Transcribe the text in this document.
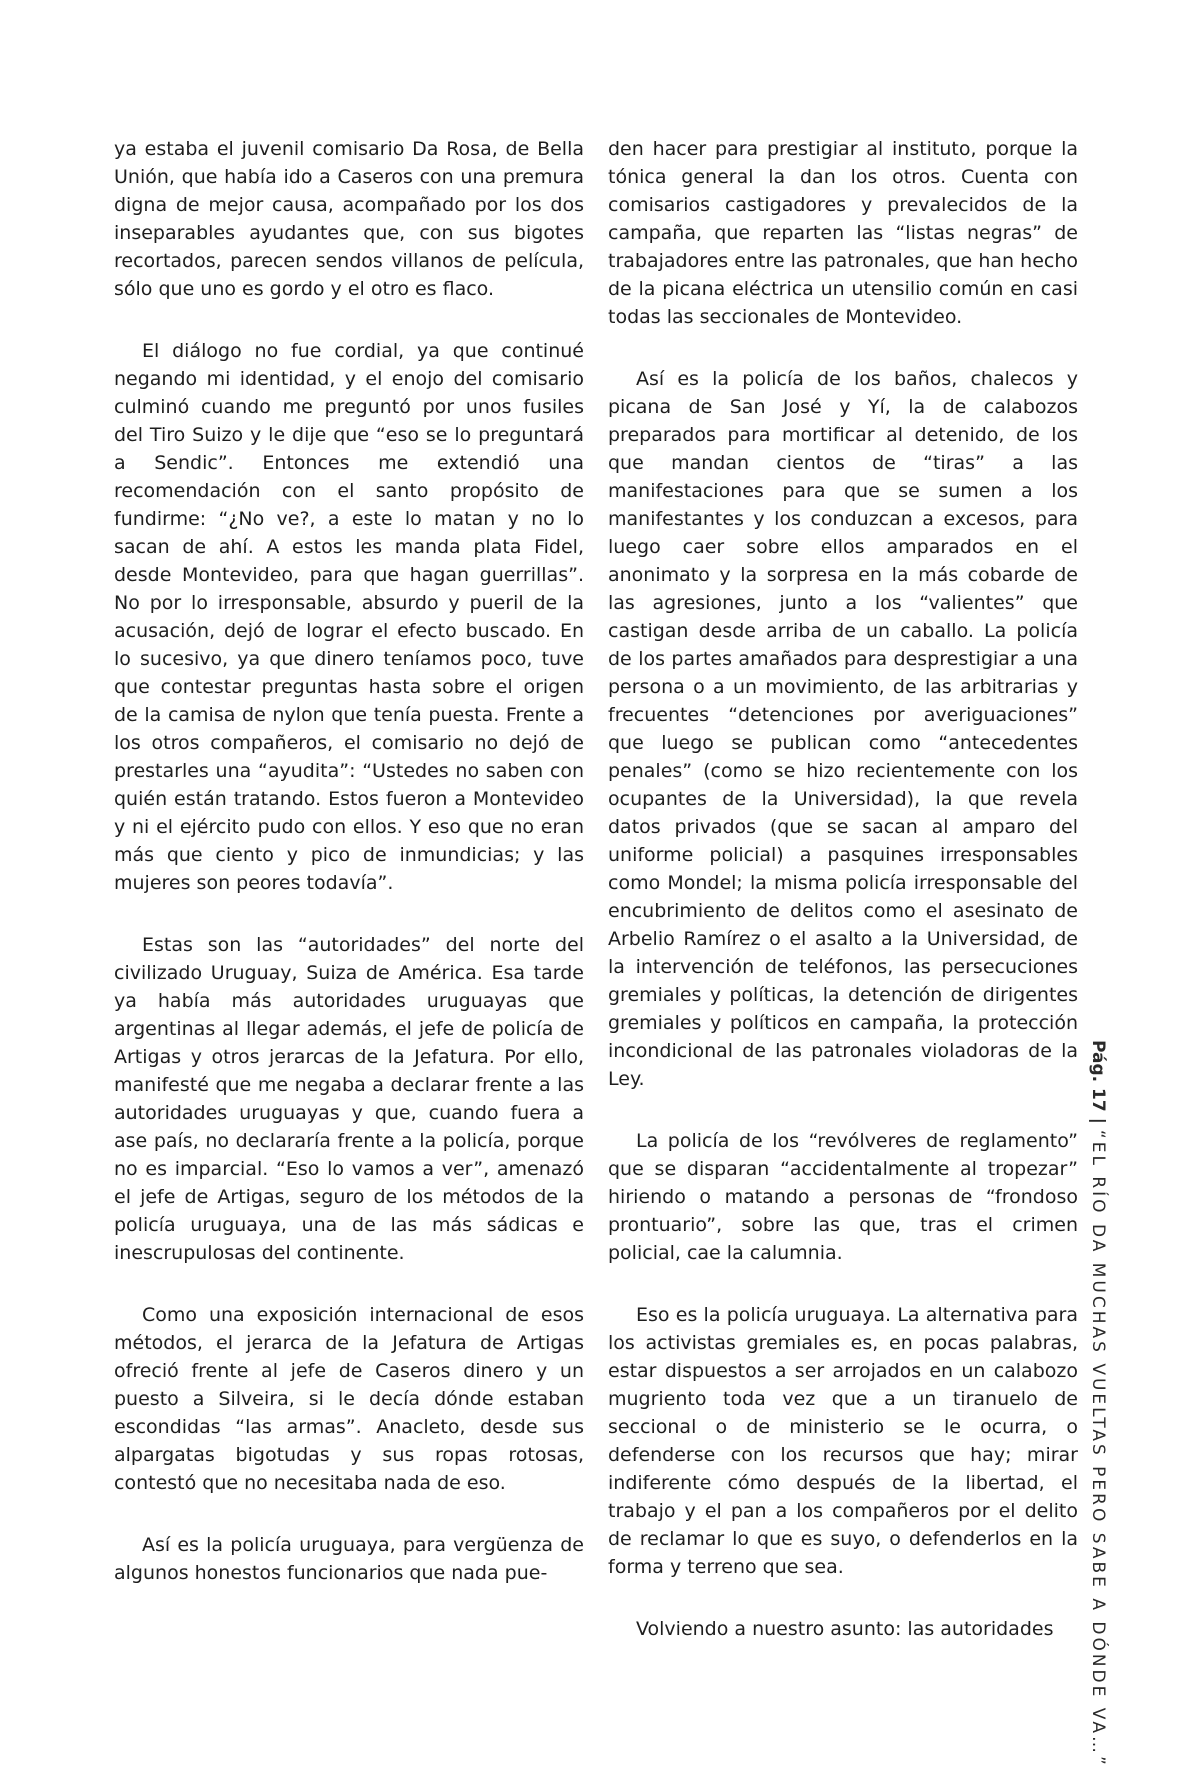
ya estaba el juvenil comisario Da Rosa, de Bella Unión, que había ido a Caseros con una premura digna de mejor causa, acompañado por los dos inseparables ayudantes que, con sus bigotes recortados, parecen sendos villanos de película, sólo que uno es gordo y el otro es flaco.

El diálogo no fue cordial, ya que continué negando mi identidad, y el enojo del comisario culminó cuando me preguntó por unos fusiles del Tiro Suizo y le dije que “eso se lo preguntará a Sendic”. Entonces me extendió una recomendación con el santo propósito de fundirme: “¿No ve?, a este lo matan y no lo sacan de ahí. A estos les manda plata Fidel, desde Montevideo, para que hagan guerrillas”. No por lo irresponsable, absurdo y pueril de la acusación, dejó de lograr el efecto buscado. En lo sucesivo, ya que dinero teníamos poco, tuve que contestar preguntas hasta sobre el origen de la camisa de nylon que tenía puesta. Frente a los otros compañeros, el comisario no dejó de prestarles una “ayudita”: “Ustedes no saben con quién están tratando. Estos fueron a Montevideo y ni el ejército pudo con ellos. Y eso que no eran más que ciento y pico de inmundicias; y las mujeres son peores todavía”.

Estas son las “autoridades” del norte del civilizado Uruguay, Suiza de América. Esa tarde ya había más autoridades uruguayas que argentinas al llegar además, el jefe de policía de Artigas y otros jerarcas de la Jefatura. Por ello, manifesté que me negaba a declarar frente a las autoridades uruguayas y que, cuando fuera a ase país, no declararía frente a la policía, porque no es imparcial. “Eso lo vamos a ver”, amenazó el jefe de Artigas, seguro de los métodos de la policía uruguaya, una de las más sádicas e inescrupulosas del continente.

Como una exposición internacional de esos métodos, el jerarca de la Jefatura de Artigas ofreció frente al jefe de Caseros dinero y un puesto a Silveira, si le decía dónde estaban escondidas “las armas”. Anacleto, desde sus alpargatas bigotudas y sus ropas rotosas, contestó que no necesitaba nada de eso.

Así es la policía uruguaya, para vergüenza de algunos honestos funcionarios que nada pue-

den hacer para prestigiar al instituto, porque la tónica general la dan los otros. Cuenta con comisarios castigadores y prevalecidos de la campaña, que reparten las “listas negras” de trabajadores entre las patronales, que han hecho de la picana eléctrica un utensilio común en casi todas las seccionales de Montevideo.

Así es la policía de los baños, chalecos y picana de San José y Yí, la de calabozos preparados para mortificar al detenido, de los que mandan cientos de “tiras” a las manifestaciones para que se sumen a los manifestantes y los conduzcan a excesos, para luego caer sobre ellos amparados en el anonimato y la sorpresa en la más cobarde de las agresiones, junto a los “valientes” que castigan desde arriba de un caballo. La policía de los partes amañados para desprestigiar a una persona o a un movimiento, de las arbitrarias y frecuentes “detenciones por averiguaciones” que luego se publican como “antecedentes penales” (como se hizo recientemente con los ocupantes de la Universidad), la que revela datos privados (que se sacan al amparo del uniforme policial) a pasquines irresponsables como Mondel; la misma policía irresponsable del encubrimiento de delitos como el asesinato de Arbelio Ramírez o el asalto a la Universidad, de la intervención de teléfonos, las persecuciones gremiales y políticas, la detención de dirigentes gremiales y políticos en campaña, la protección incondicional de las patronales violadoras de la Ley.

La policía de los “revólveres de reglamento” que se disparan “accidentalmente al tropezar” hiriendo o matando a personas de “frondoso prontuario”, sobre las que, tras el crimen policial, cae la calumnia.

Eso es la policía uruguaya. La alternativa para los activistas gremiales es, en pocas palabras, estar dispuestos a ser arrojados en un calabozo mugriento toda vez que a un tiranuelo de seccional o de ministerio se le ocurra, o defenderse con los recursos que hay; mirar indiferente cómo después de la libertad, el trabajo y el pan a los compañeros por el delito de reclamar lo que es suyo, o defenderlos en la forma y terreno que sea.

Volviendo a nuestro asunto: las autoridades

Pág. 17|“EL RÍO DA MUCHAS VUELTAS PERO SABE A DÓNDE VA…”
